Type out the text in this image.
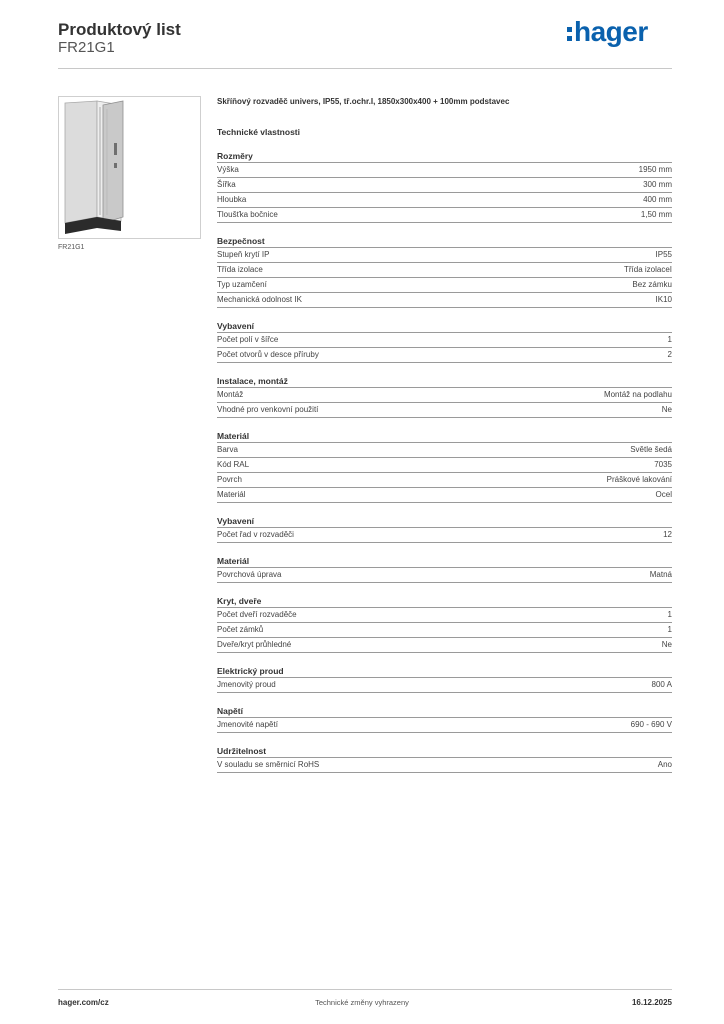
Produktový list
FR21G1
hager
FR21G1
Skříňový rozvaděč univers, IP55, tř.ochr.I, 1850x300x400 + 100mm podstavec
Technické vlastnosti
Rozměry
Výška	1950 mm
Šířka	300 mm
Hloubka	400 mm
Tloušťka bočnice	1,50 mm
Bezpečnost
Stupeň krytí IP	IP55
Třída izolace	Třída izolaceI
Typ uzamčení	Bez zámku
Mechanická odolnost IK	IK10
Vybavení
Počet polí v šířce	1
Počet otvorů v desce příruby	2
Instalace, montáž
Montáž	Montáž na podlahu
Vhodné pro venkovní použití	Ne
Materiál
Barva	Světle šedá
Kód RAL	7035
Povrch	Práškové lakování
Materiál	Ocel
Vybavení
Počet řad v rozvaděči	12
Materiál
Povrchová úprava	Matná
Kryt, dveře
Počet dveří rozvaděče	1
Počet zámků	1
Dveře/kryt průhledné	Ne
Elektrický proud
Jmenovitý proud	800 A
Napětí
Jmenovité napětí	690 - 690 V
Udržitelnost
V souladu se směrnicí RoHS	Ano
hager.com/cz	Technické změny vyhrazeny	16.12.2025
